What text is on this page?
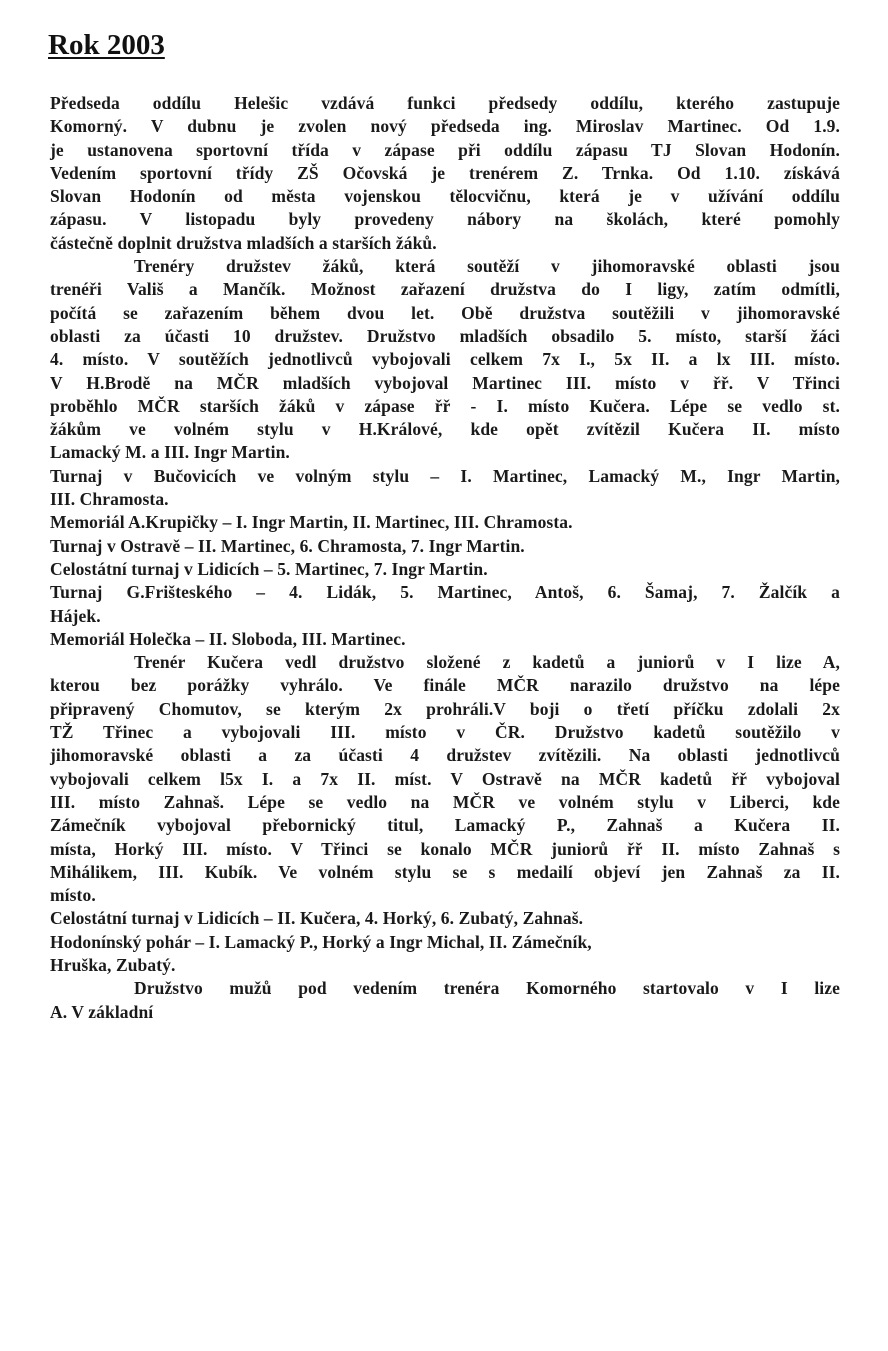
Rok 2003
Předseda oddílu Helešic vzdává funkci předsedy oddílu, kterého zastupuje
Komorný. V dubnu je zvolen nový předseda ing. Miroslav Martinec. Od 1.9.
je ustanovena sportovní třída v zápase při oddílu zápasu TJ Slovan Hodonín.
Vedením sportovní třídy ZŠ Očovská je trenérem Z. Trnka. Od 1.10. získává
Slovan Hodonín od města vojenskou tělocvičnu, která je v užívání oddílu
zápasu. V listopadu byly provedeny nábory na školách, které pomohly
částečně doplnit družstva mladších a starších žáků.
Trenéry družstev žáků, která soutěží v jihomoravské oblasti jsou
trenéři Vališ a Mančík. Možnost zařazení družstva do I ligy, zatím odmítli,
počítá se zařazením během dvou let. Obě družstva soutěžili v jihomoravské
oblasti za účasti 10 družstev. Družstvo mladších obsadilo 5. místo, starší žáci
4. místo. V soutěžích jednotlivců vybojovali celkem 7x I., 5x II. a lx III. místo.
V H.Brodě na MČR mladších vybojoval Martinec III. místo v řř. V Třinci
proběhlo MČR starších žáků v zápase řř - I. místo Kučera. Lépe se vedlo st.
žákům ve volném stylu v H.Králové, kde opět zvítězil Kučera II. místo
Lamacký M. a III. Ingr Martin.
Turnaj v Bučovicích ve volným stylu – I. Martinec, Lamacký M., Ingr Martin,
III. Chramosta.
Memoriál A.Krupičky – I. Ingr Martin, II. Martinec, III. Chramosta.
Turnaj v Ostravě – II. Martinec, 6. Chramosta, 7. Ingr Martin.
Celostátní turnaj v Lidicích – 5. Martinec, 7. Ingr Martin.
Turnaj G.Frišteského – 4. Lidák, 5. Martinec, Antoš, 6. Šamaj, 7. Žalčík a
Hájek.
Memoriál Holečka – II. Sloboda, III. Martinec.
Trenér Kučera vedl družstvo složené z kadetů a juniorů v I lize A,
kterou bez porážky vyhrálo. Ve finále MČR narazilo družstvo na lépe
připravený Chomutov, se kterým 2x prohráli.V boji o třetí příčku zdolali 2x
TŽ Třinec a vybojovali III. místo v ČR. Družstvo kadetů soutěžilo v
jihomoravské oblasti a za účasti 4 družstev zvítězili. Na oblasti jednotlivců
vybojovali celkem l5x I. a 7x II. míst. V Ostravě na MČR kadetů řř vybojoval
III. místo Zahnaš. Lépe se vedlo na MČR ve volném stylu v Liberci, kde
Zámečník vybojoval přebornický titul, Lamacký P., Zahnaš a Kučera II.
místa, Horký III. místo. V Třinci se konalo MČR juniorů řř II. místo Zahnaš s
Mihálikem, III. Kubík. Ve volném stylu se s medailí objeví jen Zahnaš za II.
místo.
Celostátní turnaj v Lidicích – II. Kučera, 4. Horký, 6. Zubatý, Zahnaš.
Hodonínský pohár – I. Lamacký P., Horký a Ingr Michal, II. Zámečník,
Hruška, Zubatý.
Družstvo mužů pod vedením trenéra Komorného startovalo v I lize
A. V základní
